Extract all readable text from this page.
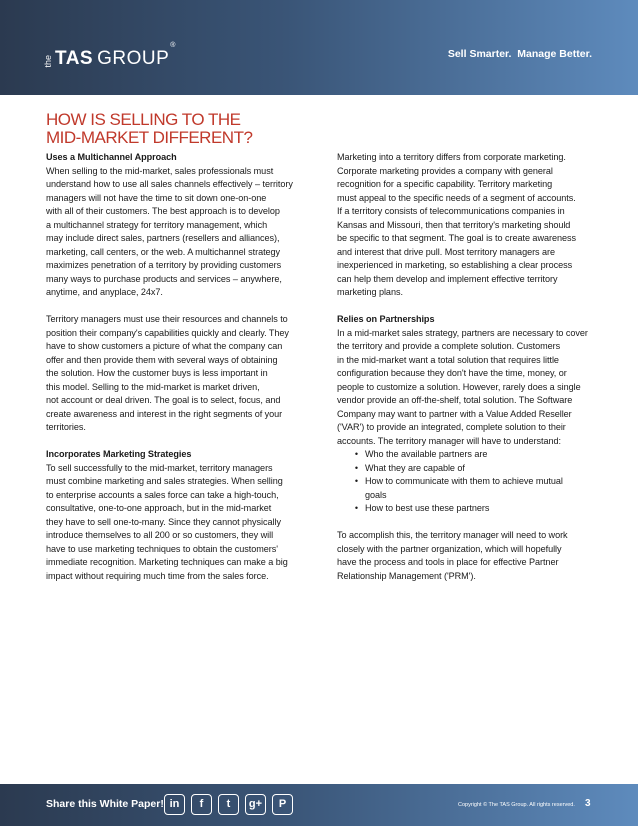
the TAS GROUP
®
Sell Smarter.  Manage Better.
HOW IS SELLING TO THE
MID-MARKET DIFFERENT?
Uses a Multichannel Approach
When selling to the mid-market, sales professionals must
understand how to use all sales channels effectively – territory
managers will not have the time to sit down one-on-one
with all of their customers. The best approach is to develop
a multichannel strategy for territory management, which
may include direct sales, partners (resellers and alliances),
marketing, call centers, or the web. A multichannel strategy
maximizes penetration of a territory by providing customers
many ways to purchase products and services – anywhere,
anytime, and anyplace, 24x7.
Territory managers must use their resources and channels to
position their company's capabilities quickly and clearly. They
have to show customers a picture of what the company can
offer and then provide them with several ways of obtaining
the solution. How the customer buys is less important in
this model. Selling to the mid-market is market driven,
not account or deal driven. The goal is to select, focus, and
create awareness and interest in the right segments of your
territories.
Incorporates Marketing Strategies
To sell successfully to the mid-market, territory managers
must combine marketing and sales strategies. When selling
to enterprise accounts a sales force can take a high-touch,
consultative, one-to-one approach, but in the mid-market
they have to sell one-to-many. Since they cannot physically
introduce themselves to all 200 or so customers, they will
have to use marketing techniques to obtain the customers'
immediate recognition. Marketing techniques can make a big
impact without requiring much time from the sales force.
Marketing into a territory differs from corporate marketing.
Corporate marketing provides a company with general
recognition for a specific capability. Territory marketing
must appeal to the specific needs of a segment of accounts.
If a territory consists of telecommunications companies in
Kansas and Missouri, then that territory's marketing should
be specific to that segment. The goal is to create awareness
and interest that drive pull. Most territory managers are
inexperienced in marketing, so establishing a clear process
can help them develop and implement effective territory
marketing plans.
Relies on Partnerships
In a mid-market sales strategy, partners are necessary to cover
the territory and provide a complete solution. Customers
in the mid-market want a total solution that requires little
configuration because they don't have the time, money, or
people to customize a solution. However, rarely does a single
vendor provide an off-the-shelf, total solution. The Software
Company may want to partner with a Value Added Reseller
('VAR') to provide an integrated, complete solution to their
accounts. The territory manager will have to understand:
• Who the available partners are
• What they are capable of
• How to communicate with them to achieve mutual
goals
• How to best use these partners
To accomplish this, the territory manager will need to work
closely with the partner organization, which will hopefully
have the process and tools in place for effective Partner
Relationship Management ('PRM').
Share this White Paper! in	f	t	g+	P	Copyright © The TAS Group. All rights reserved. 3
